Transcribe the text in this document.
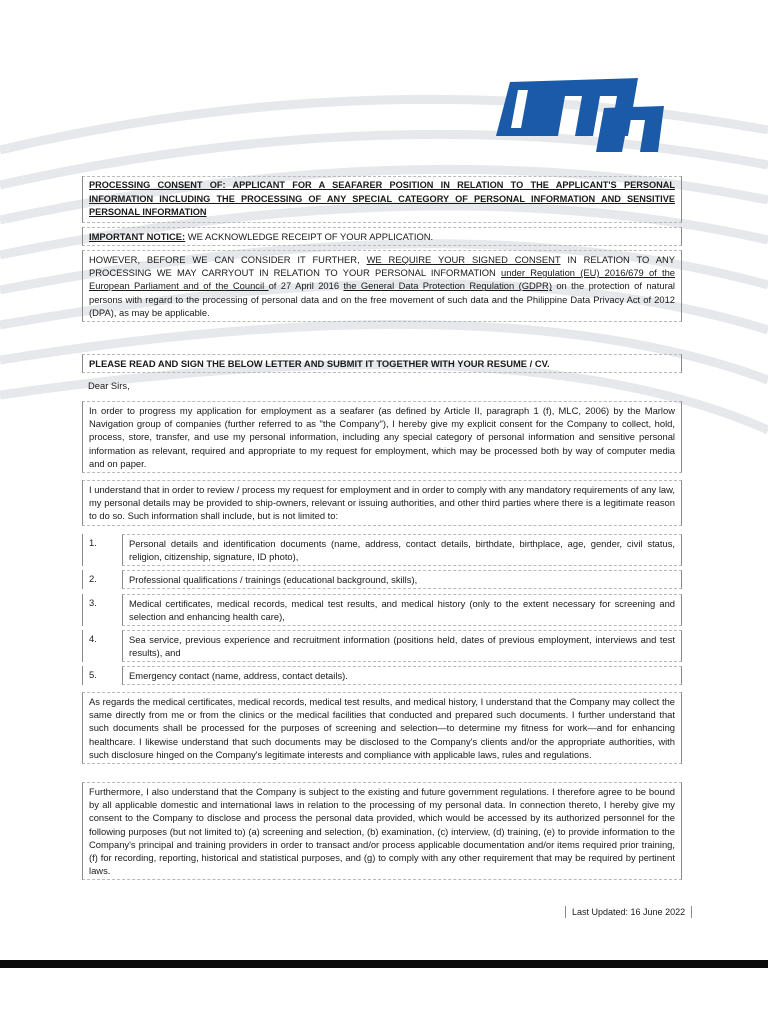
PROCESSING CONSENT OF: APPLICANT FOR A SEAFARER POSITION IN RELATION TO THE APPLICANT'S PERSONAL INFORMATION INCLUDING THE PROCESSING OF ANY SPECIAL CATEGORY OF PERSONAL INFORMATION AND SENSITIVE PERSONAL INFORMATION
IMPORTANT NOTICE: WE ACKNOWLEDGE RECEIPT OF YOUR APPLICATION.
HOWEVER, BEFORE WE CAN CONSIDER IT FURTHER, WE REQUIRE YOUR SIGNED CONSENT IN RELATION TO ANY PROCESSING WE MAY CARRYOUT IN RELATION TO YOUR PERSONAL INFORMATION under Regulation (EU) 2016/679 of the European Parliament and of the Council of 27 April 2016 the General Data Protection Regulation (GDPR) on the protection of natural persons with regard to the processing of personal data and on the free movement of such data and the Philippine Data Privacy Act of 2012 (DPA), as may be applicable.
PLEASE READ AND SIGN THE BELOW LETTER AND SUBMIT IT TOGETHER WITH YOUR RESUME / CV.
Dear Sirs,
In order to progress my application for employment as a seafarer (as defined by Article II, paragraph 1 (f), MLC, 2006) by the Marlow Navigation group of companies (further referred to as "the Company"), I hereby give my explicit consent for the Company to collect, hold, process, store, transfer, and use my personal information, including any special category of personal information and sensitive personal information as relevant, required and appropriate to my request for employment, which may be processed both by way of computer media and on paper.
I understand that in order to review / process my request for employment and in order to comply with any mandatory requirements of any law, my personal details may be provided to ship-owners, relevant or issuing authorities, and other third parties where there is a legitimate reason to do so. Such information shall include, but is not limited to:
1.	Personal details and identification documents (name, address, contact details, birthdate, birthplace, age, gender, civil status, religion, citizenship, signature, ID photo),
2.	Professional qualifications / trainings (educational background, skills),
3.	Medical certificates, medical records, medical test results, and medical history (only to the extent necessary for screening and selection and enhancing health care),
4.	Sea service, previous experience and recruitment information (positions held, dates of previous employment, interviews and test results), and
5.	Emergency contact (name, address, contact details).
As regards the medical certificates, medical records, medical test results, and medical history, I understand that the Company may collect the same directly from me or from the clinics or the medical facilities that conducted and prepared such documents. I further understand that such documents shall be processed for the purposes of screening and selection—to determine my fitness for work—and for enhancing healthcare. I likewise understand that such documents may be disclosed to the Company's clients and/or the appropriate authorities, with such disclosure hinged on the Company's legitimate interests and compliance with applicable laws, rules and regulations.
Furthermore, I also understand that the Company is subject to the existing and future government regulations. I therefore agree to be bound by all applicable domestic and international laws in relation to the processing of my personal data. In connection thereto, I hereby give my consent to the Company to disclose and process the personal data provided, which would be accessed by its authorized personnel for the following purposes (but not limited to) (a) screening and selection, (b) examination, (c) interview, (d) training, (e) to provide information to the Company's principal and training providers in order to transact and/or process applicable documentation and/or items required prior training, (f) for recording, reporting, historical and statistical purposes, and (g) to comply with any other requirement that may be required by pertinent laws.
Last Updated: 16 June 2022
